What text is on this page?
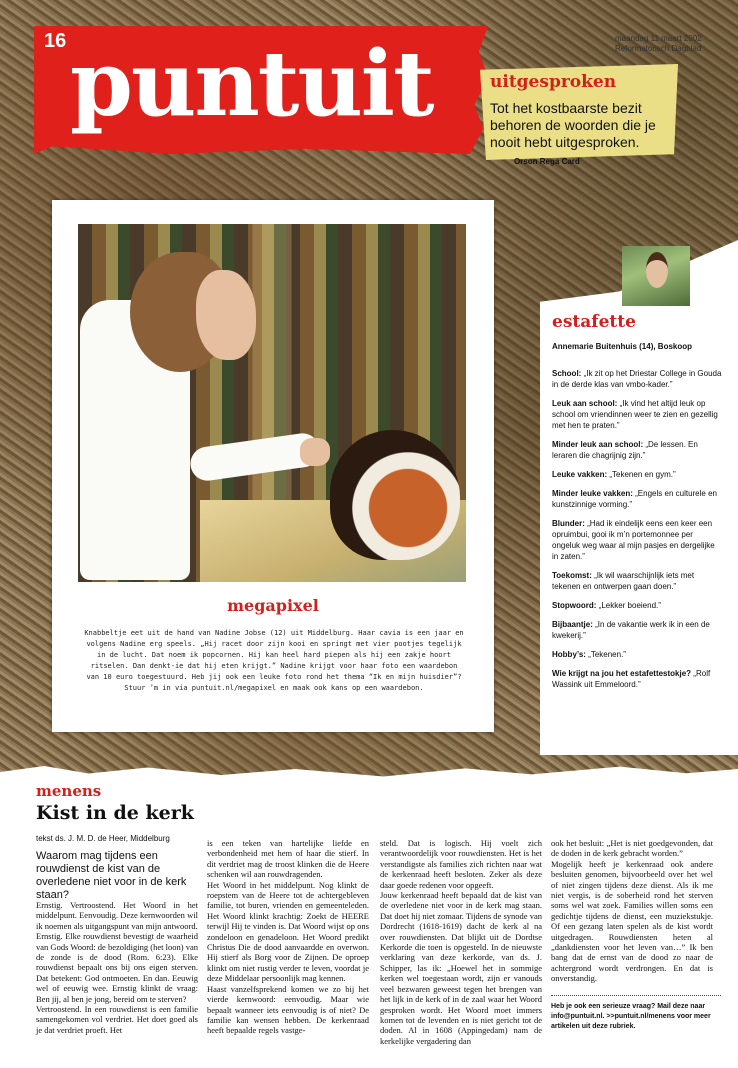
16 puntuit	maandag 11 maart 2002
Reformatorisch Dagblad
uitgesproken
Tot het kostbaarste bezit behoren de woorden die je nooit hebt uitgesproken. Orson Rega Card
estafette
Annemarie Buitenhuis (14), Boskoop

School: „Ik zit op het Driestar College in Gouda in de derde klas van vmbo-kader.”

Leuk aan school: „Ik vind het altijd leuk op school om vriendinnen weer te zien en gezellig met hen te praten.”

Minder leuk aan school: „De lessen. En leraren die chagrijnig zijn.”

Leuke vakken: „Tekenen en gym.”

Minder leuke vakken: „Engels en culturele en kunstzinnige vorming.”

Blunder: „Had ik eindelijk eens een keer een opruimbui, gooi ik m’n portemonnee per ongeluk weg waar al mijn pasjes en dergelijke in zaten.”

Toekomst: „Ik wil waarschijnlijk iets met tekenen en ontwerpen gaan doen.”

Stopwoord: „Lekker boeiend.”

Bijbaantje: „In de vakantie werk ik in een de kwekerij.”

Hobby’s: „Tekenen.”

Wie krijgt na jou het estafettestokje? „Rolf Wassink uit Emmeloord.”

megapixel
Knabbeltje eet uit de hand van Nadine Jobse (12) uit Middelburg. Haar cavia is een jaar en volgens Nadine erg speels. „Hij racet door zijn kooi en springt met vier pootjes tegelijk in de lucht. Dat noem ik popcornen. Hij kan heel hard piepen als hij een zakje hoort ritselen. Dan denkt-ie dat hij eten krijgt.” Nadine krijgt voor haar foto een waardebon van 10 euro toegestuurd. Heb jij ook een leuke foto rond het thema “Ik en mijn huisdier”? Stuur ’m in via puntuit.nl/megapixel en maak ook kans op een waardebon.
menens
Kist in de kerk
tekst ds. J. M. D. de Heer, Middelburg
Waarom mag tijdens een rouwdienst de kist van de overledene niet voor in de kerk staan?
Ernstig. Vertroostend. Het Woord in het middelpunt. Eenvoudig. Deze kernwoorden wil ik noemen als uitgangspunt van mijn antwoord.
Ernstig. Elke rouwdienst bevestigt de waarheid van Gods Woord: de bezoldiging (het loon) van de zonde is de dood (Rom. 6:23). Elke rouwdienst bepaalt ons bij ons eigen sterven. Dat betekent: God ontmoeten. En dan. Eeuwig wel of eeuwig wee. Ernstig klinkt de vraag: Ben jij, al ben je jong, bereid om te sterven?
Vertroostend. In een rouwdienst is een familie samengekomen vol verdriet. Het doet goed als je dat verdriet proeft. Het
is een teken van hartelijke liefde en verbondenheid met hem of haar die stierf. In dit verdriet mag de troost klinken die de Heere schenken wil aan rouwdragenden.
Het Woord in het middelpunt. Nog klinkt de roepstem van de Heere tot de achtergebleven familie, tot buren, vrienden en gemeenteleden. Het Woord klinkt krachtig: Zoekt de HEERE terwijl Hij te vinden is. Dat Woord wijst op ons zondeloon en genadeloon. Het Woord predikt Christus Die de dood aanvaardde en overwon. Hij stierf als Borg voor de Zijnen. De oproep klinkt om niet rustig verder te leven, voordat je deze Middelaar persoonlijk mag kennen.
Haast vanzelfsprekend komen we zo bij het vierde kernwoord: eenvoudig. Maar wie bepaalt wanneer iets eenvoudig is of niet? De familie kan wensen hebben. De kerkenraad heeft bepaalde regels vastge-
steld. Dat is logisch. Hij voelt zich verantwoordelijk voor rouwdiensten. Het is het verstandigste als families zich richten naar wat de kerkenraad heeft besloten. Zeker als deze daar goede redenen voor opgeeft.
Jouw kerkenraad heeft bepaald dat de kist van de overledene niet voor in de kerk mag staan. Dat doet hij niet zomaar. Tijdens de synode van Dordrecht (1618-1619) dacht de kerk al na over rouwdiensten. Dat blijkt uit de Dordtse Kerkorde die toen is opgesteld. In de nieuwste verklaring van deze kerkorde, van ds. J. Schipper, las ik: „Hoewel het in sommige kerken wel toegestaan wordt, zijn er vanouds veel bezwaren geweest tegen het brengen van het lijk in de kerk of in de zaal waar het Woord gesproken wordt. Het Woord moet immers komen tot de levenden en is niet gericht tot de doden. Al in 1608 (Appingedam) nam de kerkelijke vergadering dan
ook het besluit: „Het is niet goedgevonden, dat de doden in de kerk gebracht worden.”
Mogelijk heeft je kerkenraad ook andere besluiten genomen, bijvoorbeeld over het wel of niet zingen tijdens deze dienst. Als ik me niet vergis, is de soberheid rond het sterven soms wel wat zoek. Families willen soms een gedichtje tijdens de dienst, een muziekstukje. Of een gezang laten spelen als de kist wordt uitgedragen. Rouwdiensten heten al „dankdiensten voor het leven van…” Ik ben bang dat de ernst van de dood zo naar de achtergrond wordt verdrongen. En dat is onverstandig.
Heb je ook een serieuze vraag? Mail deze naar info@puntuit.nl. >>puntuit.nl/menens voor meer artikelen uit deze rubriek.
